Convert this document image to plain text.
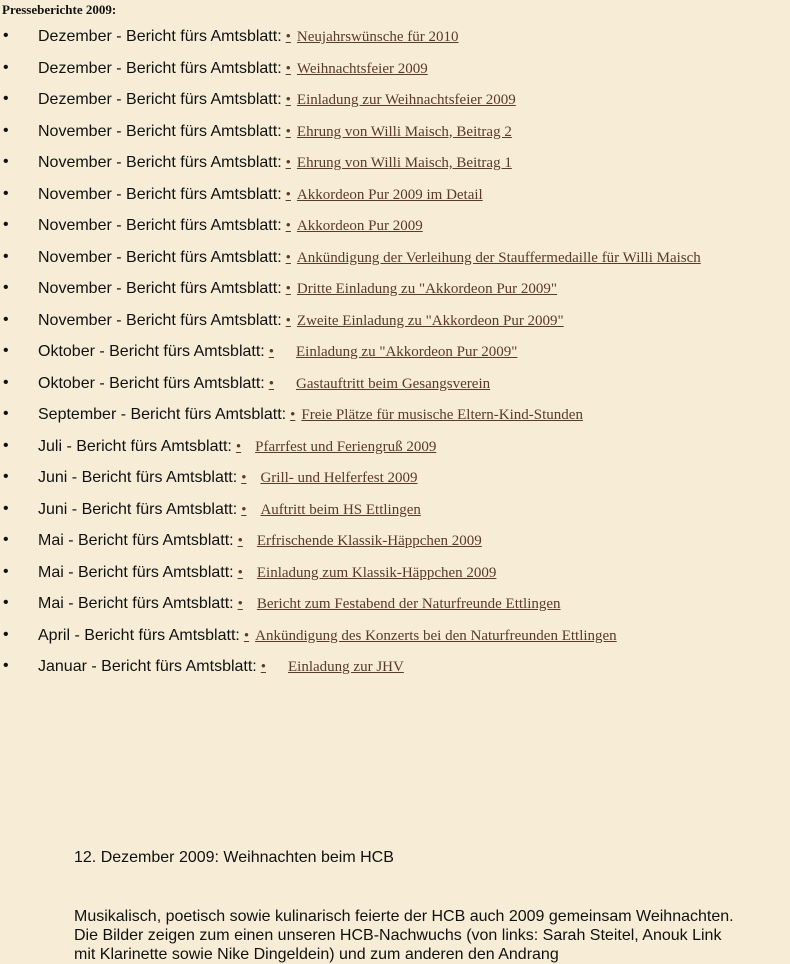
Presseberichte 2009:
• Dezember - Bericht fürs Amtsblatt: • Neujahrswünsche für 2010
• Dezember - Bericht fürs Amtsblatt: • Weihnachtsfeier 2009
• Dezember - Bericht fürs Amtsblatt: • Einladung zur Weihnachtsfeier 2009
• November - Bericht fürs Amtsblatt: • Ehrung von Willi Maisch, Beitrag 2
• November - Bericht fürs Amtsblatt: • Ehrung von Willi Maisch, Beitrag 1
• November - Bericht fürs Amtsblatt: • Akkordeon Pur 2009 im Detail
• November - Bericht fürs Amtsblatt: • Akkordeon Pur 2009
• November - Bericht fürs Amtsblatt: • Ankündigung der Verleihung der Stauffermedaille für Willi Maisch
• November - Bericht fürs Amtsblatt: • Dritte Einladung zu "Akkordeon Pur 2009"
• November - Bericht fürs Amtsblatt: • Zweite Einladung zu "Akkordeon Pur 2009"
• Oktober - Bericht fürs Amtsblatt: • Einladung zu "Akkordeon Pur 2009"
• Oktober - Bericht fürs Amtsblatt: • Gastauftritt beim Gesangsverein
• September - Bericht fürs Amtsblatt: • Freie Plätze für musische Eltern-Kind-Stunden
• Juli - Bericht fürs Amtsblatt: • Pfarrfest und Feriengruß 2009
• Juni - Bericht fürs Amtsblatt: • Grill- und Helferfest 2009
• Juni - Bericht fürs Amtsblatt: • Auftritt beim HS Ettlingen
• Mai - Bericht fürs Amtsblatt: • Erfrischende Klassik-Häppchen 2009
• Mai - Bericht fürs Amtsblatt: • Einladung zum Klassik-Häppchen 2009
• Mai - Bericht fürs Amtsblatt: • Bericht zum Festabend der Naturfreunde Ettlingen
• April - Bericht fürs Amtsblatt: • Ankündigung des Konzerts bei den Naturfreunden Ettlingen
• Januar - Bericht fürs Amtsblatt: • Einladung zur JHV
12. Dezember 2009: Weihnachten beim HCB
Musikalisch, poetisch sowie kulinarisch feierte der HCB auch 2009 gemeinsam Weihnachten. Die Bilder zeigen zum einen unseren HCB-Nachwuchs (von links: Sarah Steitel, Anouk Link mit Klarinette sowie Nike Dingeldein) und zum anderen den Andrang
